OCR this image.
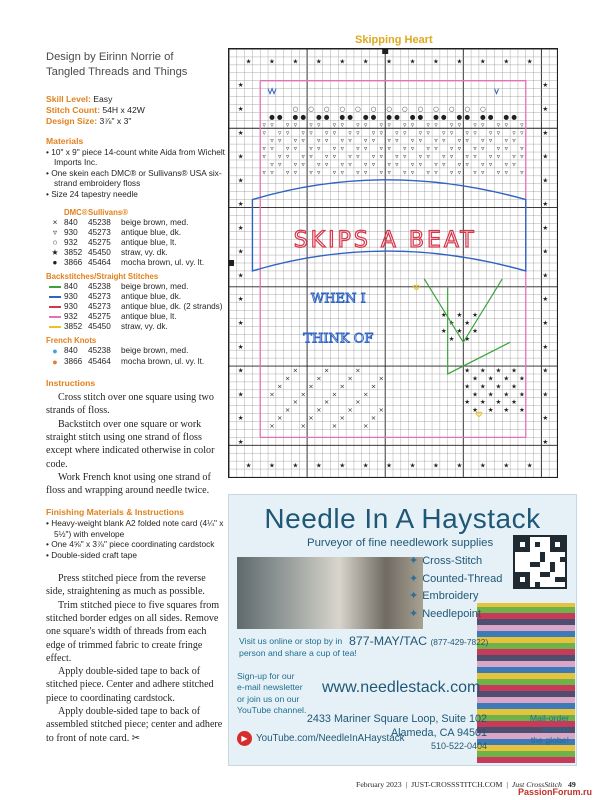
Design by Eirinn Norrie of
Tangled Threads and Things
Skill Level: Easy
Stitch Count: 54H x 42W
Design Size: 3⅞" x 3"
Materials
• 10" x 9" piece 14-count white Aida from Wichelt Imports Inc.
• One skein each DMC® or Sullivans® USA six-strand embroidery floss
• Size 24 tapestry needle
DMC®Sullivans®
× 840	45238	beige brown, med.
▿ 930	45273	antique blue, dk.
○ 932	45275	antique blue, lt.
★ 3852 45450	straw, vy. dk.
● 3866 45464	mocha brown, ul. vy. lt.
Backstitches/Straight Stitches
840	45238	beige brown, med.
930	45273	antique blue, dk.
930	45273	antique blue, dk. (2 strands)
932	45275	antique blue, lt.
3852 45450	straw, vy. dk.
French Knots
● 840	45238	beige brown, med.
● 3866 45464	mocha brown, ul. vy. lt.
Instructions

Cross stitch over one square using two strands of floss.

Backstitch over one square or work straight stitch using one strand of floss except where indicated otherwise in color code.

Work French knot using one strand of floss and wrapping around needle twice.

Finishing Materials & Instructions
• Heavy-weight blank A2 folded note card (4¼" x 5½") with envelope
• One 4⅝" x 3⅞" piece coordinating cardstock
• Double-sided craft tape

Press stitched piece from the reverse side, straightening as much as possible.

Trim stitched piece to five squares from stitched border edges on all sides. Remove one square's width of threads from each edge of trimmed fabric to create fringe effect.

Apply double-sided tape to back of stitched piece. Center and adhere stitched piece to coordinating cardstock.

Apply double-sided tape to back of assembled stitched piece; center and adhere to front of note card. ✂

Skipping Heart
★
★
★
★
★
★
★
★
★
★
★
★
★
★
★
★
★
★
★
★
★
★
★
★
★
★
★	★
★	★
★	★
★	★
★	★
★	★
★	★
★	★
★	★
★	★
★	★
★	★
★	★
★	★
★	★
★	★
● ● ● ● ● ● ● ● ● ● ● ● ● ● ● ● ● ● ● ● ● ●
▿ ▿ ▿ ▿ ▿ ▿ ▿ ▿ ▿ ▿ ▿ ▿ ▿ ▿ ▿ ▿ ▿ ▿ ▿ ▿ ▿ ▿ ▿
▿ ▿ ▿ ▿ ▿ ▿ ▿ ▿ ▿ ▿ ▿ ▿ ▿ ▿ ▿ ▿ ▿ ▿ ▿ ▿ ▿ ▿ ▿
▿ ▿ ▿ ▿ ▿ ▿ ▿ ▿ ▿ ▿ ▿ ▿ ▿ ▿ ▿ ▿ ▿ ▿ ▿ ▿ ▿ ▿
▿ ▿ ▿ ▿ ▿ ▿ ▿ ▿ ▿ ▿ ▿ ▿ ▿ ▿ ▿ ▿ ▿ ▿ ▿ ▿ ▿ ▿ ▿
▿ ▿ ▿ ▿ ▿ ▿ ▿ ▿ ▿ ▿ ▿ ▿ ▿ ▿ ▿ ▿ ▿ ▿ ▿ ▿ ▿ ▿ ▿
▿ ▿ ▿ ▿ ▿ ▿ ▿ ▿ ▿ ▿ ▿ ▿ ▿ ▿ ▿ ▿ ▿ ▿ ▿ ▿ ▿ ▿
▿ ▿ ▿ ▿ ▿ ▿ ▿ ▿ ▿ ▿ ▿ ▿ ▿ ▿ ▿ ▿ ▿ ▿ ▿ ▿ ▿ ▿ ▿
○ ○ ○ ○ ○ ○ ○ ○ ○ ○ ○ ○ ○
×	×	×
×	×	×	×
×	×	×	×
×	×	×	×
×	×	×
×	×	×	×
×	×	×	×
×	×	×	×
★ ★ ★ ★
★ ★ ★ ★
★ ★ ★ ★
★ ★ ★ ★
★ ★ ★ ★
★ ★ ★ ★
★ ★ ★
★ ★
★ ★ ★
★ ★
SKIPS A BEAT
WHEN I
THINK OF
Needle In A Haystack
Purveyor of fine needlework supplies
✦ Cross-Stitch
✦ Counted-Thread
✦ Embroidery
✦ Needlepoint
Visit us online or stop by in
person and share a cup of tea!
877-MAY/TAC (877-429-7822)
Sign-up for our
e-mail newsletter
or join us on our
YouTube channel.
www.needlestack.com
2433 Mariner Square Loop, Suite 102
Alameda, CA 94501
510-522-0404
Mail-order
around
the globe!
▶ YouTube.com/NeedleInAHaystack
February 2023  |  JUST-CROSSSTITCH.COM  |  Just CrossStitch 49
PassionForum.ru
